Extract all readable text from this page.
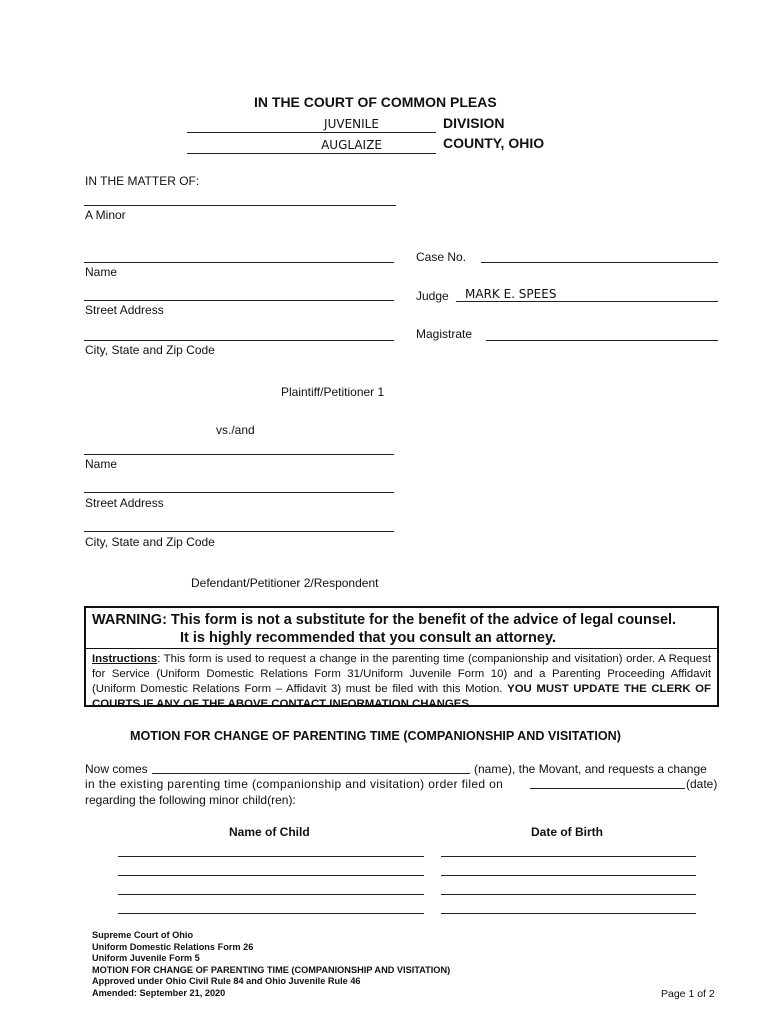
IN THE COURT OF COMMON PLEAS
JUVENILE	DIVISION
AUGLAIZE	COUNTY, OHIO
IN THE MATTER OF:
A Minor
Name
Street Address
City, State and Zip Code
Plaintiff/Petitioner 1
Case No.
Judge	MARK E. SPEES
Magistrate
vs./and
Name
Street Address
City, State and Zip Code
Defendant/Petitioner 2/Respondent
WARNING: This form is not a substitute for the benefit of the advice of legal counsel.
It is highly recommended that you consult an attorney.
Instructions: This form is used to request a change in the parenting time (companionship and visitation) order. A Request for Service (Uniform Domestic Relations Form 31/Uniform Juvenile Form 10) and a Parenting Proceeding Affidavit (Uniform Domestic Relations Form – Affidavit 3) must be filed with this Motion. YOU MUST UPDATE THE CLERK OF COURTS IF ANY OF THE ABOVE CONTACT INFORMATION CHANGES.
MOTION FOR CHANGE OF PARENTING TIME (COMPANIONSHIP AND VISITATION)
Now comes	(name), the Movant, and requests a change
in the existing parenting time (companionship and visitation) order filed on	(date)
regarding the following minor child(ren):
Name of Child	Date of Birth
Supreme Court of Ohio
Uniform Domestic Relations Form 26
Uniform Juvenile Form 5
MOTION FOR CHANGE OF PARENTING TIME (COMPANIONSHIP AND VISITATION)
Approved under Ohio Civil Rule 84 and Ohio Juvenile Rule 46
Amended: September 21, 2020	Page 1 of 2
